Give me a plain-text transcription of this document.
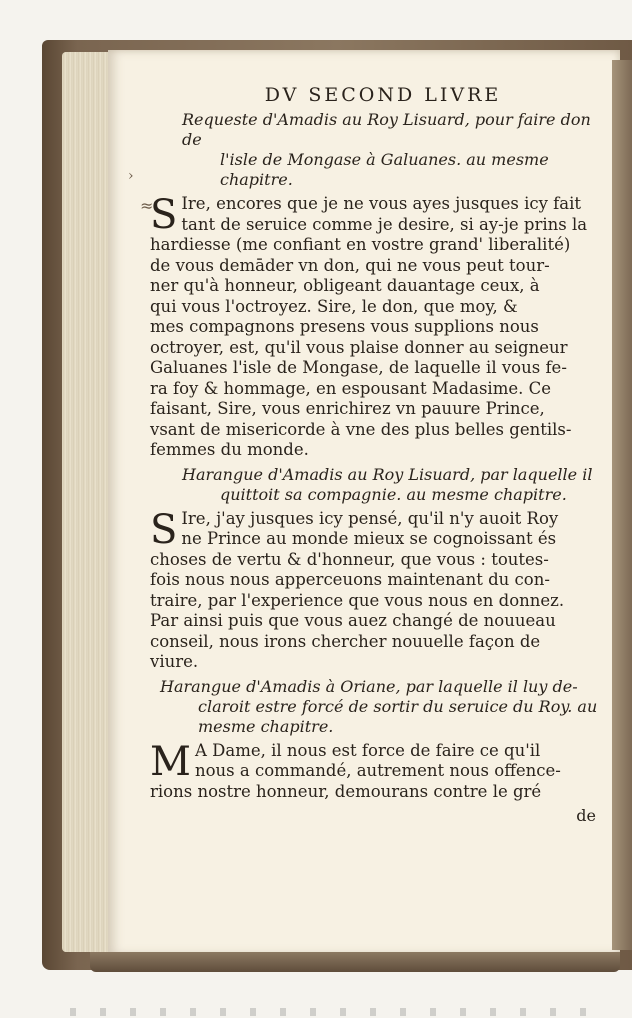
›
≈
DV SECOND LIVRE
Requeste d'Amadis au Roy Lisuard, pour faire don de
l'isle de Mongase à Galuanes. au mesme chapitre.
S Ire, encores que je ne vous ayes jusques icy fait
tant de seruice comme je desire, si ay-je prins la
hardiesse (me confiant en vostre grand' liberalité)
de vous demāder vn don, qui ne vous peut tour-
ner qu'à honneur, obligeant dauantage ceux, à
qui vous l'octroyez. Sire, le don, que moy, &
mes compagnons presens vous supplions nous
octroyer, est, qu'il vous plaise donner au seigneur
Galuanes l'isle de Mongase, de laquelle il vous fe-
ra foy & hommage, en espousant Madasime. Ce
faisant, Sire, vous enrichirez vn pauure Prince,
vsant de misericorde à vne des plus belles gentils-
femmes du monde.
Harangue d'Amadis au Roy Lisuard, par laquelle il
quittoit sa compagnie. au mesme chapitre.
S Ire, j'ay jusques icy pensé, qu'il n'y auoit Roy
ne Prince au monde mieux se cognoissant és
choses de vertu & d'honneur, que vous : toutes-
fois nous nous apperceuons maintenant du con-
traire, par l'experience que vous nous en donnez.
Par ainsi puis que vous auez changé de nouueau
conseil, nous irons chercher nouuelle façon de
viure.
Harangue d'Amadis à Oriane, par laquelle il luy de-
claroit estre forcé de sortir du seruice du Roy. au
mesme chapitre.
M A Dame, il nous est force de faire ce qu'il
nous a commandé, autrement nous offence-
rions nostre honneur, demourans contre le gré
de
